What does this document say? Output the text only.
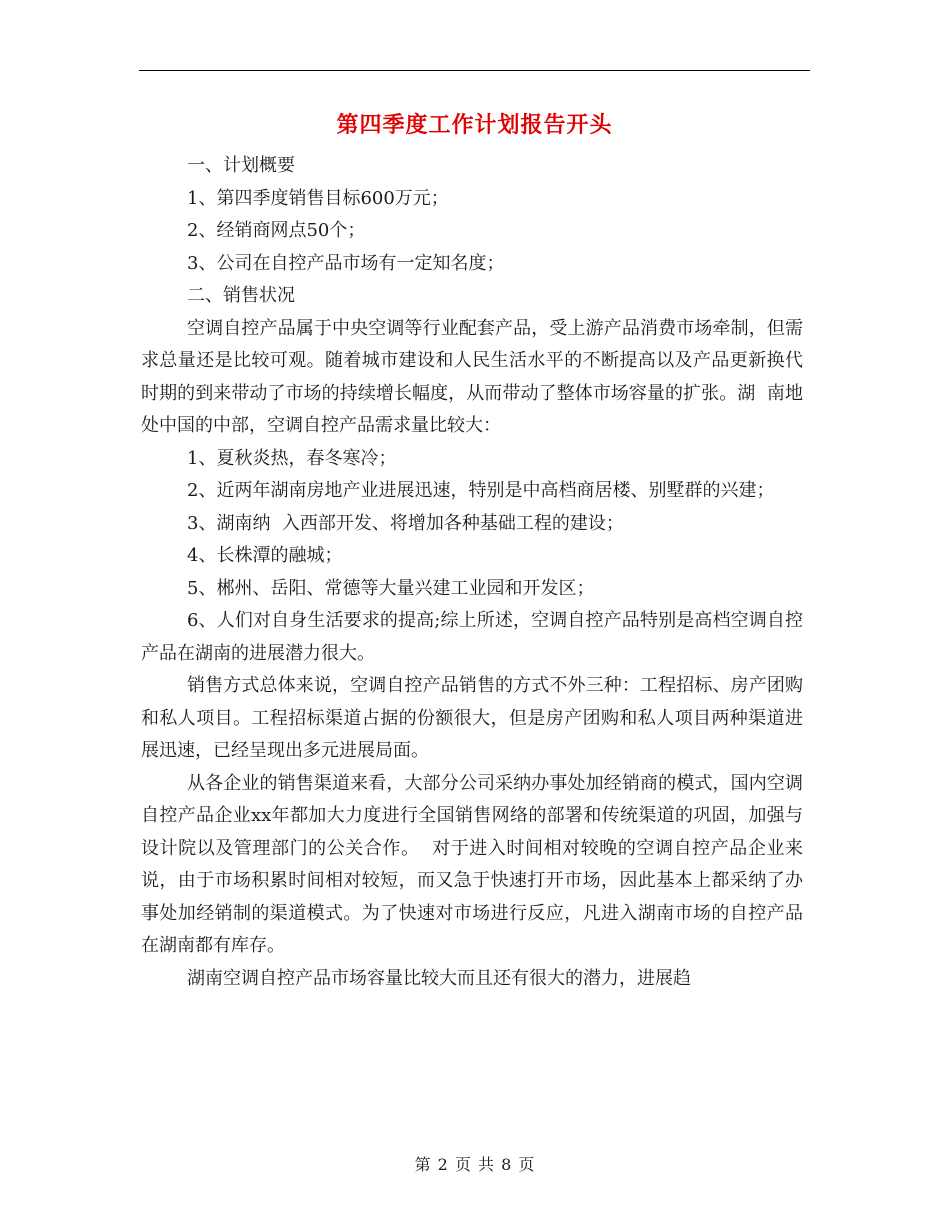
第四季度工作计划报告开头

一、计划概要

1、第四季度销售目标600万元；

2、经销商网点50个；

3、公司在自控产品市场有一定知名度；

二、销售状况

空调自控产品属于中央空调等行业配套产品，受上游产品消费市场牵制，但需求总量还是比较可观。随着城市建设和人民生活水平的不断提高以及产品更新换代时期的到来带动了市场的持续增长幅度，从而带动了整体市场容量的扩张。湖  南地处中国的中部，空调自控产品需求量比较大：

1、夏秋炎热，春冬寒冷；

2、近两年湖南房地产业进展迅速，特别是中高档商居楼、别墅群的兴建；

3、湖南纳  入西部开发、将增加各种基础工程的建设；

4、长株潭的融城；

5、郴州、岳阳、常德等大量兴建工业园和开发区；

6、人们对自身生活要求的提高;综上所述，空调自控产品特别是高档空调自控产品在湖南的进展潜力很大。

销售方式总体来说，空调自控产品销售的方式不外三种：工程招标、房产团购和私人项目。工程招标渠道占据的份额很大，但是房产团购和私人项目两种渠道进展迅速，已经呈现出多元进展局面。

从各企业的销售渠道来看，大部分公司采纳办事处加经销商的模式，国内空调自控产品企业xx年都加大力度进行全国销售网络的部署和传统渠道的巩固，加强与  设计院以及管理部门的公关合作。  对于进入时间相对较晚的空调自控产品企业来说，由于市场积累时间相对较短，而又急于快速打开市场，因此基本上都采纳了办  事处加经销制的渠道模式。为了快速对市场进行反应，凡进入湖南市场的自控产品在湖南都有库存。

湖南空调自控产品市场容量比较大而且还有很大的潜力，进展趋

第 2 页 共 8 页
